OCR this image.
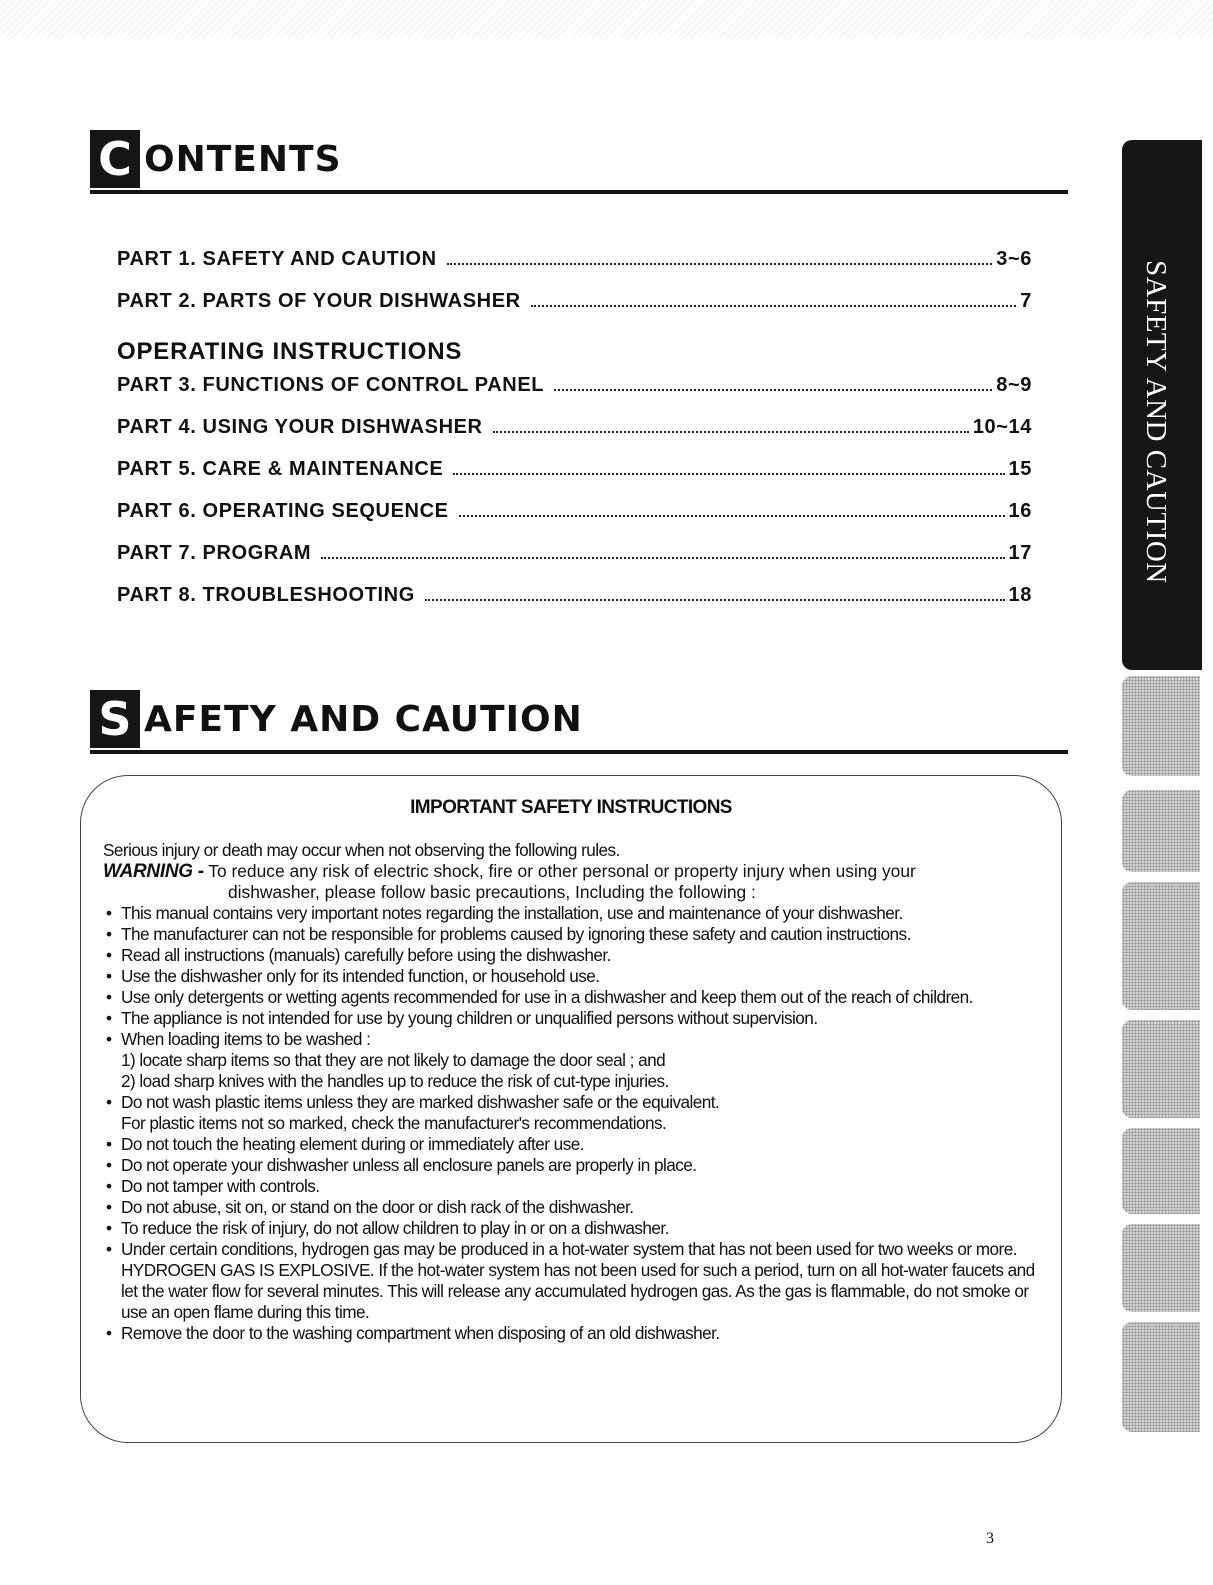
C ONTENTS
PART 1. SAFETY AND CAUTION	3~6
PART 2. PARTS OF YOUR DISHWASHER	7
OPERATING INSTRUCTIONS
PART 3. FUNCTIONS OF CONTROL PANEL	8~9
PART 4. USING YOUR DISHWASHER	10~14
PART 5. CARE & MAINTENANCE	15
PART 6. OPERATING SEQUENCE	16
PART 7. PROGRAM	17
PART 8. TROUBLESHOOTING	18
SAFETY AND CAUTION
S AFETY AND CAUTION
IMPORTANT SAFETY INSTRUCTIONS

Serious injury or death may occur when not observing the following rules.

WARNING - To reduce any risk of electric shock, fire or other personal or property injury when using your

dishwasher, please follow basic precautions, Including the following :

• This manual contains very important notes regarding the installation, use and maintenance of your dishwasher.

• The manufacturer can not be responsible for problems caused by ignoring these safety and caution instructions.

• Read all instructions (manuals) carefully before using the dishwasher.

• Use the dishwasher only for its intended function, or household use.

• Use only detergents or wetting agents recommended for use in a dishwasher and keep them out of the reach of children.

• The appliance is not intended for use by young children or unqualified persons without supervision.

• When loading items to be washed :

1) locate sharp items so that they are not likely to damage the door seal ; and

2) load sharp knives with the handles up to reduce the risk of cut-type injuries.

• Do not wash plastic items unless they are marked dishwasher safe or the equivalent.

For plastic items not so marked, check the manufacturer's recommendations.

• Do not touch the heating element during or immediately after use.

• Do not operate your dishwasher unless all enclosure panels are properly in place.

• Do not tamper with controls.

• Do not abuse, sit on, or stand on the door or dish rack of the dishwasher.

• To reduce the risk of injury, do not allow children to play in or on a dishwasher.

• Under certain conditions, hydrogen gas may be produced in a hot-water system that has not been used for two weeks or more. HYDROGEN GAS IS EXPLOSIVE. If the hot-water system has not been used for such a period, turn on all hot-water faucets and let the water flow for several minutes. This will release any accumulated hydrogen gas. As the gas is flammable, do not smoke or use an open flame during this time.

• Remove the door to the washing compartment when disposing of an old dishwasher.

3
